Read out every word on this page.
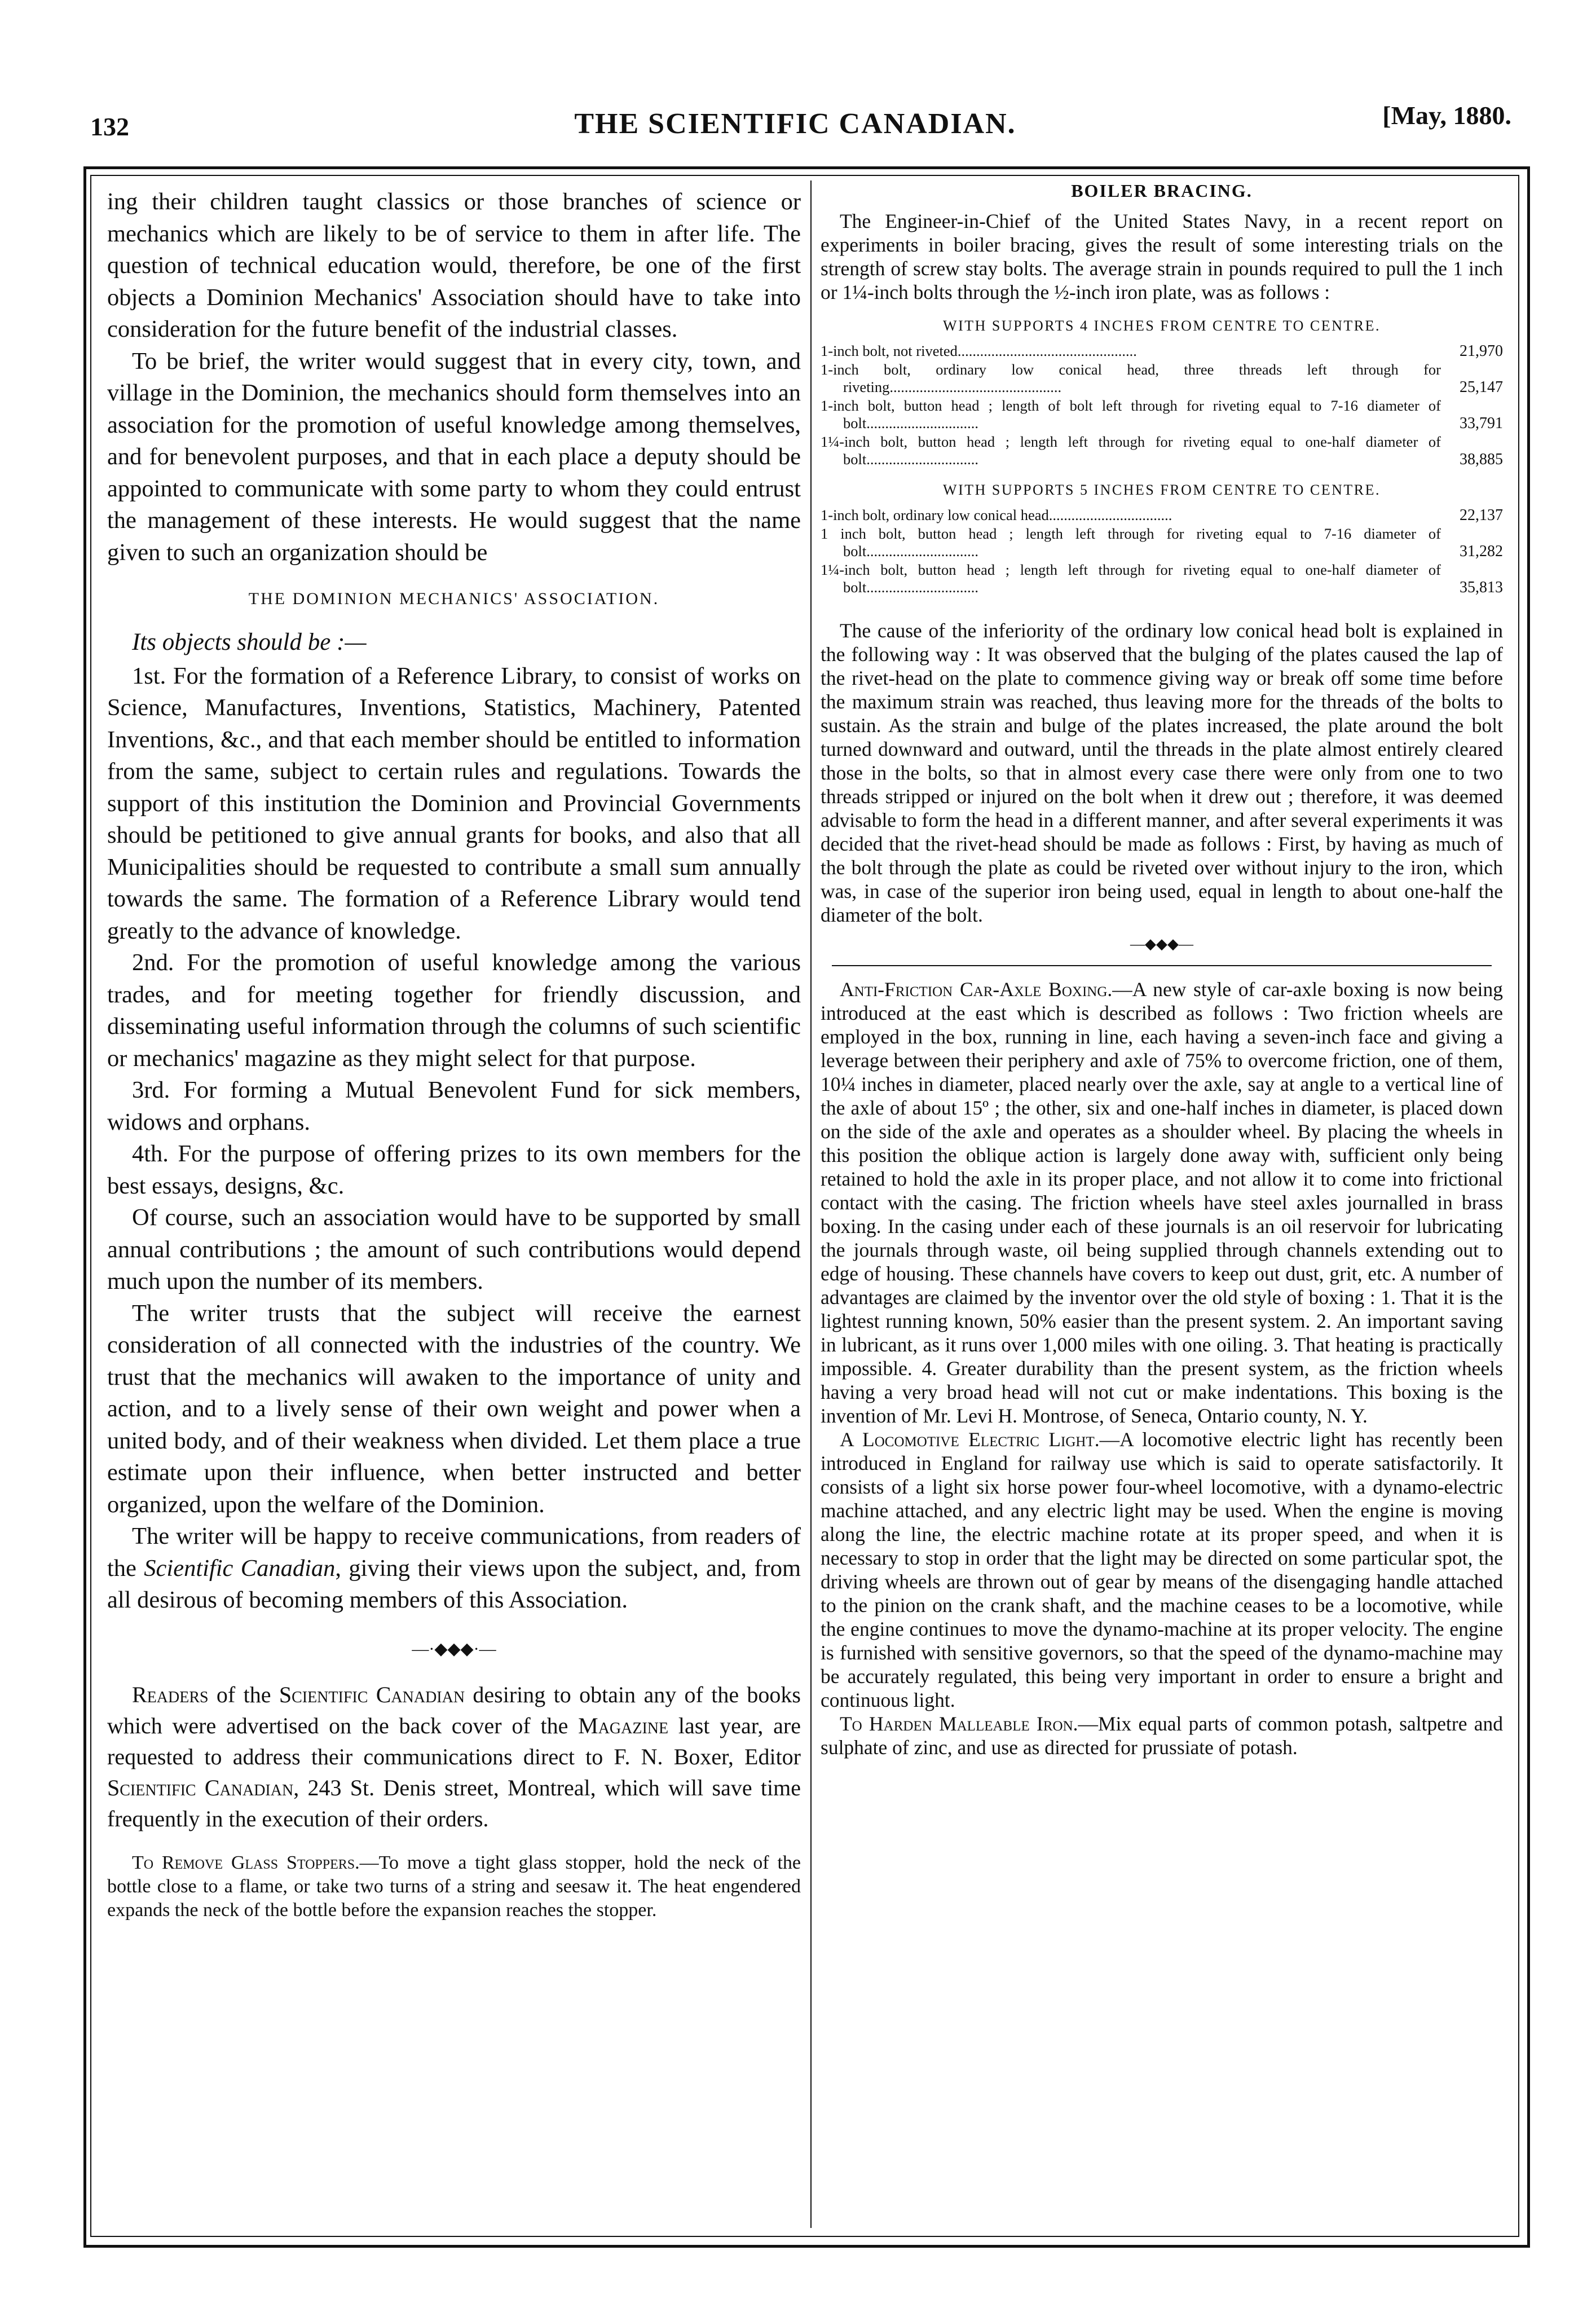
132	THE SCIENTIFIC CANADIAN.	[May, 1880.

ing their children taught classics or those branches of science or mechanics which are likely to be of service to them in after life. The question of technical education would, therefore, be one of the first objects a Dominion Mechanics' Association should have to take into consideration for the future benefit of the industrial classes.

To be brief, the writer would suggest that in every city, town, and village in the Dominion, the mechanics should form themselves into an association for the promotion of useful knowledge among themselves, and for benevolent purposes, and that in each place a deputy should be appointed to communicate with some party to whom they could entrust the management of these interests. He would suggest that the name given to such an organization should be

THE DOMINION MECHANICS' ASSOCIATION.
Its objects should be :—

1st. For the formation of a Reference Library, to consist of works on Science, Manufactures, Inventions, Statistics, Machinery, Patented Inventions, &c., and that each member should be entitled to information from the same, subject to certain rules and regulations. Towards the support of this institution the Dominion and Provincial Governments should be petitioned to give annual grants for books, and also that all Municipalities should be requested to contribute a small sum annually towards the same. The formation of a Reference Library would tend greatly to the advance of knowledge.

2nd. For the promotion of useful knowledge among the various trades, and for meeting together for friendly discussion, and disseminating useful information through the columns of such scientific or mechanics' magazine as they might select for that purpose.

3rd. For forming a Mutual Benevolent Fund for sick members, widows and orphans.

4th. For the purpose of offering prizes to its own members for the best essays, designs, &c.

Of course, such an association would have to be supported by small annual contributions ; the amount of such contributions would depend much upon the number of its members.

The writer trusts that the subject will receive the earnest consideration of all connected with the industries of the country. We trust that the mechanics will awaken to the importance of unity and action, and to a lively sense of their own weight and power when a united body, and of their weakness when divided. Let them place a true estimate upon their influence, when better instructed and better organized, upon the welfare of the Dominion.

The writer will be happy to receive communications, from readers of the Scientific Canadian, giving their views upon the subject, and, from all desirous of becoming members of this Association.

—·◆◆◆·—

Readers of the Scientific Canadian desiring to obtain any of the books which were advertised on the back cover of the Magazine last year, are requested to address their communications direct to F. N. Boxer, Editor Scientific Canadian, 243 St. Denis street, Montreal, which will save time frequently in the execution of their orders.

To Remove Glass Stoppers.—To move a tight glass stopper, hold the neck of the bottle close to a flame, or take two turns of a string and seesaw it. The heat engendered expands the neck of the bottle before the expansion reaches the stopper.

BOILER BRACING.

The Engineer-in-Chief of the United States Navy, in a recent report on experiments in boiler bracing, gives the result of some interesting trials on the strength of screw stay bolts. The average strain in pounds required to pull the 1 inch or 1¼-inch bolts through the ½-inch iron plate, was as follows :

WITH SUPPORTS 4 INCHES FROM CENTRE TO CENTRE.
1-inch bolt, not riveted................................................	21,970
1-inch bolt, ordinary low conical head, three threads left through for riveting..............................................	25,147
1-inch bolt, button head ; length of bolt left through for riveting equal to 7-16 diameter of bolt..............................	33,791
1¼-inch bolt, button head ; length left through for riveting equal to one-half diameter of bolt..............................	38,885
WITH SUPPORTS 5 INCHES FROM CENTRE TO CENTRE.
1-inch bolt, ordinary low conical head.................................	22,137
1 inch bolt, button head ; length left through for riveting equal to 7-16 diameter of bolt..............................	31,282
1¼-inch bolt, button head ; length left through for riveting equal to one-half diameter of bolt..............................	35,813

The cause of the inferiority of the ordinary low conical head bolt is explained in the following way : It was observed that the bulging of the plates caused the lap of the rivet-head on the plate to commence giving way or break off some time before the maximum strain was reached, thus leaving more for the threads of the bolts to sustain. As the strain and bulge of the plates increased, the plate around the bolt turned downward and outward, until the threads in the plate almost entirely cleared those in the bolts, so that in almost every case there were only from one to two threads stripped or injured on the bolt when it drew out ; therefore, it was deemed advisable to form the head in a different manner, and after several experiments it was decided that the rivet-head should be made as follows : First, by having as much of the bolt through the plate as could be riveted over without injury to the iron, which was, in case of the superior iron being used, equal in length to about one-half the diameter of the bolt.

—◆◆◆—

Anti-Friction Car-Axle Boxing.—A new style of car-axle boxing is now being introduced at the east which is described as follows : Two friction wheels are employed in the box, running in line, each having a seven-inch face and giving a leverage between their periphery and axle of 75% to overcome friction, one of them, 10¼ inches in diameter, placed nearly over the axle, say at angle to a vertical line of the axle of about 15º ; the other, six and one-half inches in diameter, is placed down on the side of the axle and operates as a shoulder wheel. By placing the wheels in this position the oblique action is largely done away with, sufficient only being retained to hold the axle in its proper place, and not allow it to come into frictional contact with the casing. The friction wheels have steel axles journalled in brass boxing. In the casing under each of these journals is an oil reservoir for lubricating the journals through waste, oil being supplied through channels extending out to edge of housing. These channels have covers to keep out dust, grit, etc. A number of advantages are claimed by the inventor over the old style of boxing : 1. That it is the lightest running known, 50% easier than the present system. 2. An important saving in lubricant, as it runs over 1,000 miles with one oiling. 3. That heating is practically impossible. 4. Greater durability than the present system, as the friction wheels having a very broad head will not cut or make indentations. This boxing is the invention of Mr. Levi H. Montrose, of Seneca, Ontario county, N. Y.

A Locomotive Electric Light.—A locomotive electric light has recently been introduced in England for railway use which is said to operate satisfactorily. It consists of a light six horse power four-wheel locomotive, with a dynamo-electric machine attached, and any electric light may be used. When the engine is moving along the line, the electric machine rotate at its proper speed, and when it is necessary to stop in order that the light may be directed on some particular spot, the driving wheels are thrown out of gear by means of the disengaging handle attached to the pinion on the crank shaft, and the machine ceases to be a locomotive, while the engine continues to move the dynamo-machine at its proper velocity. The engine is furnished with sensitive governors, so that the speed of the dynamo-machine may be accurately regulated, this being very important in order to ensure a bright and continuous light.

To Harden Malleable Iron.—Mix equal parts of common potash, saltpetre and sulphate of zinc, and use as directed for prussiate of potash.
